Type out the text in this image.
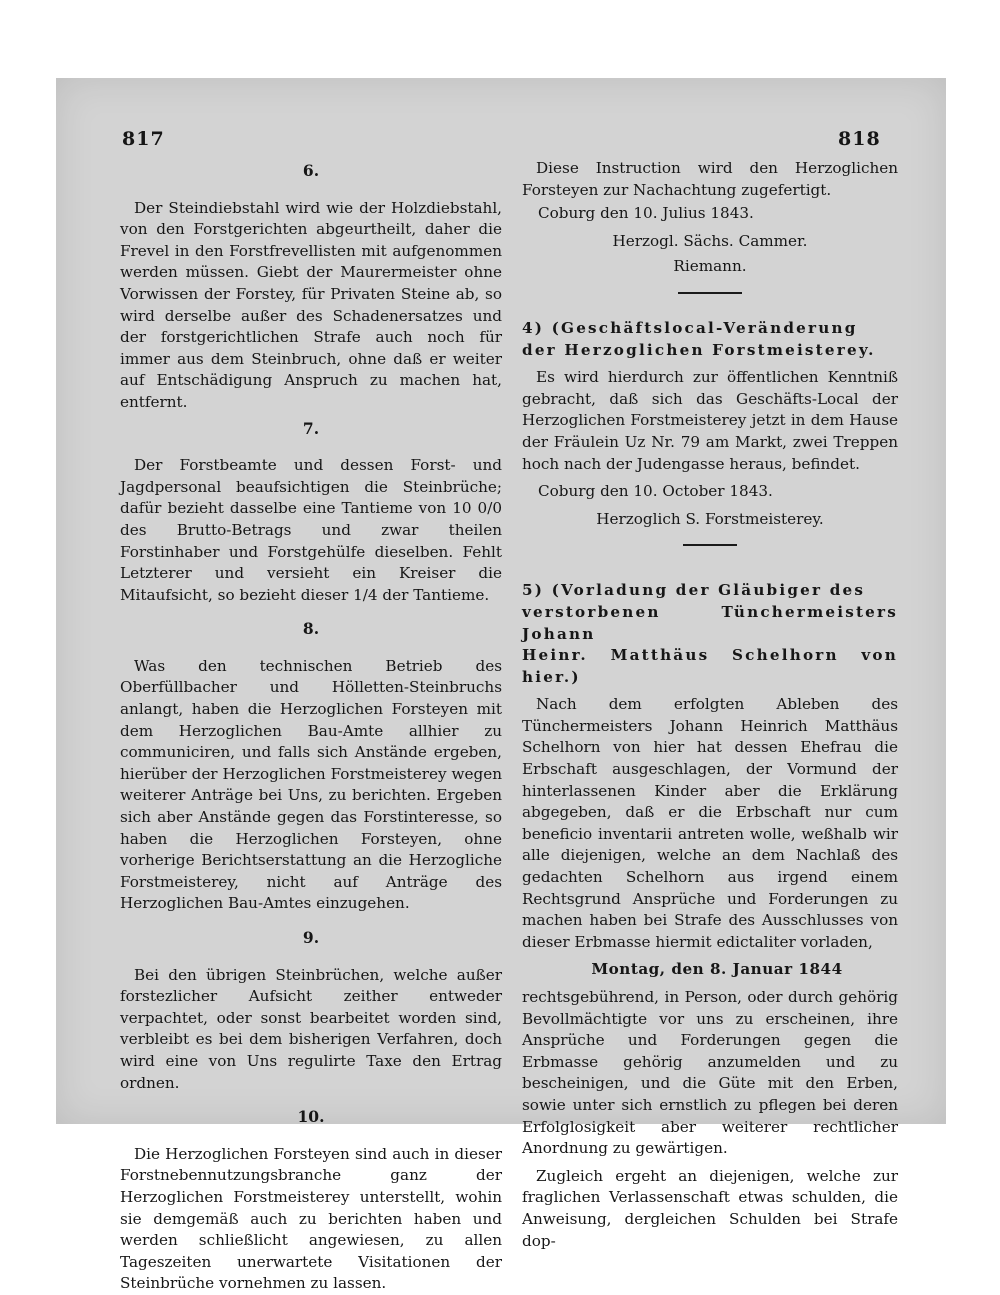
817	818
6.

Der Steindiebstahl wird wie der Holzdiebstahl, von den Forstgerichten abgeurtheilt, daher die Frevel in den Forstfrevellisten mit aufgenommen werden müssen. Giebt der Maurermeister ohne Vorwissen der Forstey, für Privaten Steine ab, so wird derselbe außer des Schadenersatzes und der forstgerichtlichen Strafe auch noch für immer aus dem Steinbruch, ohne daß er weiter auf Entschädigung Anspruch zu machen hat, entfernt.

7.

Der Forstbeamte und dessen Forst- und Jagdpersonal beaufsichtigen die Steinbrüche; dafür bezieht dasselbe eine Tantieme von 10 0/0 des Brutto-Betrags und zwar theilen Forstinhaber und Forstgehülfe dieselben. Fehlt Letzterer und versieht ein Kreiser die Mitaufsicht, so bezieht dieser 1/4 der Tantieme.

8.

Was den technischen Betrieb des Oberfüllbacher und Hölletten-Steinbruchs anlangt, haben die Herzoglichen Forsteyen mit dem Herzoglichen Bau-Amte allhier zu communiciren, und falls sich Anstände ergeben, hierüber der Herzoglichen Forstmeisterey wegen weiterer Anträge bei Uns, zu berichten. Ergeben sich aber Anstände gegen das Forstinteresse, so haben die Herzoglichen Forsteyen, ohne vorherige Berichtserstattung an die Herzogliche Forstmeisterey, nicht auf Anträge des Herzoglichen Bau-Amtes einzugehen.

9.

Bei den übrigen Steinbrüchen, welche außer forstezlicher Aufsicht zeither entweder verpachtet, oder sonst bearbeitet worden sind, verbleibt es bei dem bisherigen Verfahren, doch wird eine von Uns regulirte Taxe den Ertrag ordnen.

10.

Die Herzoglichen Forsteyen sind auch in dieser Forstnebennutzungsbranche ganz der Herzoglichen Forstmeisterey unterstellt, wohin sie demgemäß auch zu berichten haben und werden schließlicht angewiesen, zu allen Tageszeiten unerwartete Visitationen der Steinbrüche vornehmen zu lassen.

Diese Instruction wird den Herzoglichen Forsteyen zur Nachachtung zugefertigt.

Coburg den 10. Julius 1843.

Herzogl. Sächs. Cammer.

Riemann.

4) (Geschäftslocal-Veränderung

der Herzoglichen Forstmeisterey.

Es wird hierdurch zur öffentlichen Kenntniß gebracht, daß sich das Geschäfts-Local der Herzoglichen Forstmeisterey jetzt in dem Hause der Fräulein Uz Nr. 79 am Markt, zwei Treppen hoch nach der Judengasse heraus, befindet.

Coburg den 10. October 1843.

Herzoglich S. Forstmeisterey.

5) (Vorladung der Gläubiger des

verstorbenen Tünchermeisters Johann

Heinr. Matthäus Schelhorn von hier.)

Nach dem erfolgten Ableben des Tünchermeisters Johann Heinrich Matthäus Schelhorn von hier hat dessen Ehefrau die Erbschaft ausgeschlagen, der Vormund der hinterlassenen Kinder aber die Erklärung abgegeben, daß er die Erbschaft nur cum beneficio inventarii antreten wolle, weßhalb wir alle diejenigen, welche an dem Nachlaß des gedachten Schelhorn aus irgend einem Rechtsgrund Ansprüche und Forderungen zu machen haben bei Strafe des Ausschlusses von dieser Erbmasse hiermit edictaliter vorladen,

Montag, den 8. Januar 1844

rechtsgebührend, in Person, oder durch gehörig Bevollmächtigte vor uns zu erscheinen, ihre Ansprüche und Forderungen gegen die Erbmasse gehörig anzumelden und zu bescheinigen, und die Güte mit den Erben, sowie unter sich ernstlich zu pflegen bei deren Erfolglosigkeit aber weiterer rechtlicher Anordnung zu gewärtigen.

Zugleich ergeht an diejenigen, welche zur fraglichen Verlassenschaft etwas schulden, die Anweisung, dergleichen Schulden bei Strafe dop-
